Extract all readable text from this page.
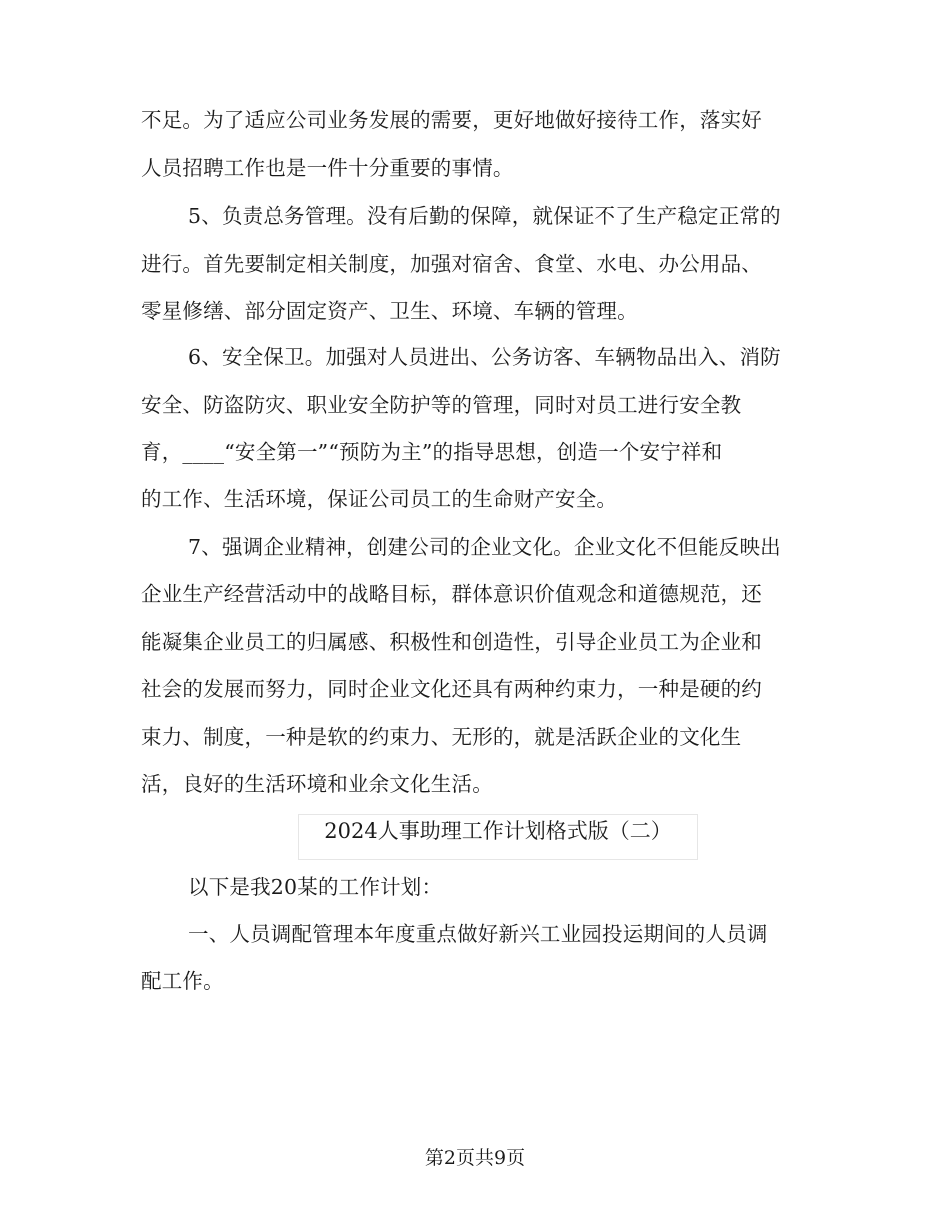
不足。为了适应公司业务发展的需要，更好地做好接待工作，落实好
人员招聘工作也是一件十分重要的事情。
5、负责总务管理。没有后勤的保障，就保证不了生产稳定正常的
进行。首先要制定相关制度，加强对宿舍、食堂、水电、办公用品、
零星修缮、部分固定资产、卫生、环境、车辆的管理。
6、安全保卫。加强对人员进出、公务访客、车辆物品出入、消防
安全、防盗防灾、职业安全防护等的管理，同时对员工进行安全教
育，____“安全第一”“预防为主”的指导思想，创造一个安宁祥和
的工作、生活环境，保证公司员工的生命财产安全。
7、强调企业精神，创建公司的企业文化。企业文化不但能反映出
企业生产经营活动中的战略目标，群体意识价值观念和道德规范，还
能凝集企业员工的归属感、积极性和创造性，引导企业员工为企业和
社会的发展而努力，同时企业文化还具有两种约束力，一种是硬的约
束力、制度，一种是软的约束力、无形的，就是活跃企业的文化生
活，良好的生活环境和业余文化生活。
2024人事助理工作计划格式版（二）
以下是我20某的工作计划：
一、人员调配管理本年度重点做好新兴工业园投运期间的人员调
配工作。
第2页共9页
